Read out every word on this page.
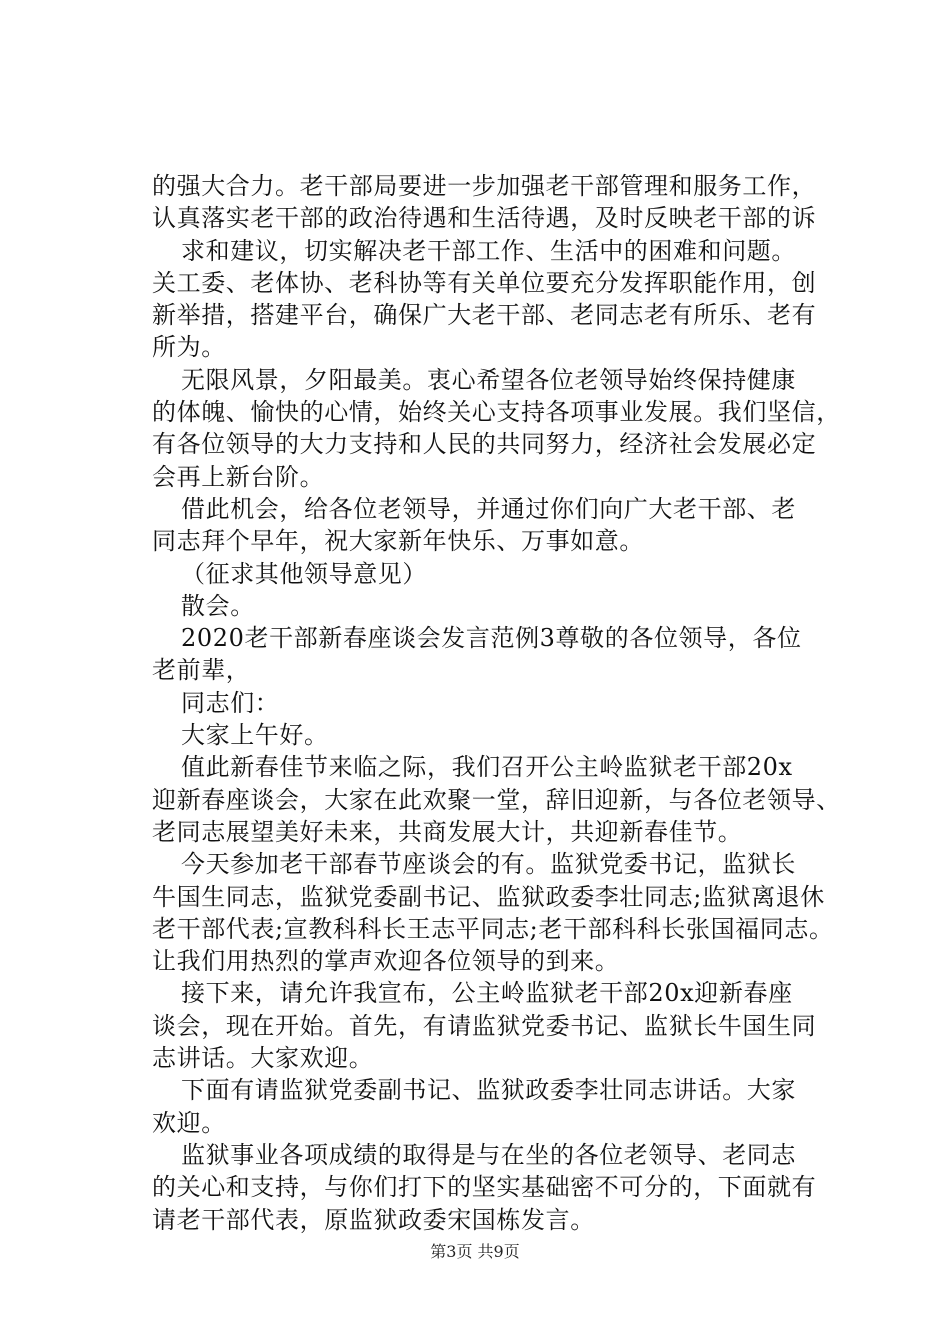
的强大合力。老干部局要进一步加强老干部管理和服务工作，
认真落实老干部的政治待遇和生活待遇，及时反映老干部的诉
求和建议，切实解决老干部工作、生活中的困难和问题。
关工委、老体协、老科协等有关单位要充分发挥职能作用，创
新举措，搭建平台，确保广大老干部、老同志老有所乐、老有
所为。
无限风景，夕阳最美。衷心希望各位老领导始终保持健康
的体魄、愉快的心情，始终关心支持各项事业发展。我们坚信，
有各位领导的大力支持和人民的共同努力，经济社会发展必定
会再上新台阶。
借此机会，给各位老领导，并通过你们向广大老干部、老
同志拜个早年，祝大家新年快乐、万事如意。
（征求其他领导意见）
散会。
2020老干部新春座谈会发言范例3尊敬的各位领导，各位
老前辈，
同志们：
大家上午好。
值此新春佳节来临之际，我们召开公主岭监狱老干部20x
迎新春座谈会，大家在此欢聚一堂，辞旧迎新，与各位老领导、
老同志展望美好未来，共商发展大计，共迎新春佳节。
今天参加老干部春节座谈会的有。监狱党委书记，监狱长
牛国生同志，监狱党委副书记、监狱政委李壮同志;监狱离退休
老干部代表;宣教科科长王志平同志;老干部科科长张国福同志。
让我们用热烈的掌声欢迎各位领导的到来。
接下来，请允许我宣布，公主岭监狱老干部20x迎新春座
谈会，现在开始。首先，有请监狱党委书记、监狱长牛国生同
志讲话。大家欢迎。
下面有请监狱党委副书记、监狱政委李壮同志讲话。大家
欢迎。
监狱事业各项成绩的取得是与在坐的各位老领导、老同志
的关心和支持，与你们打下的坚实基础密不可分的，下面就有
请老干部代表，原监狱政委宋国栋发言。
第3页 共9页
